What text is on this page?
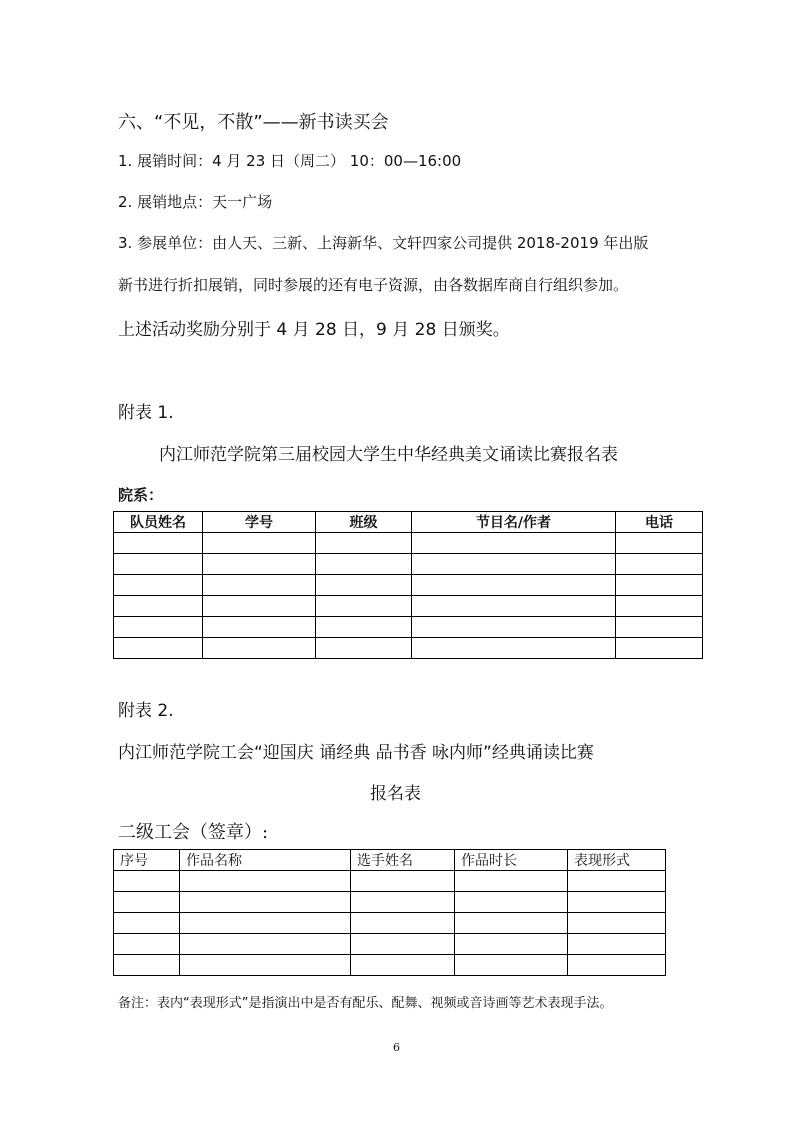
六、“不见，不散”——新书读买会
1. 展销时间：4 月 23 日（周二） 10：00—16:00
2. 展销地点：天一广场
3. 参展单位：由人天、三新、上海新华、文轩四家公司提供 2018-2019 年出版
新书进行折扣展销，同时参展的还有电子资源，由各数据库商自行组织参加。
上述活动奖励分别于 4 月 28 日，9 月 28 日颁奖。
附表 1.
内江师范学院第三届校园大学生中华经典美文诵读比赛报名表
院系：
队员姓名	学号	班级	节目名/作者	电话

附表 2.
内江师范学院工会“迎国庆 诵经典 品书香 咏内师”经典诵读比赛
报名表
二级工会（签章）:
序号	作品名称	选手姓名	作品时长	表现形式

备注：表内“表现形式”是指演出中是否有配乐、配舞、视频或音诗画等艺术表现手法。
6
